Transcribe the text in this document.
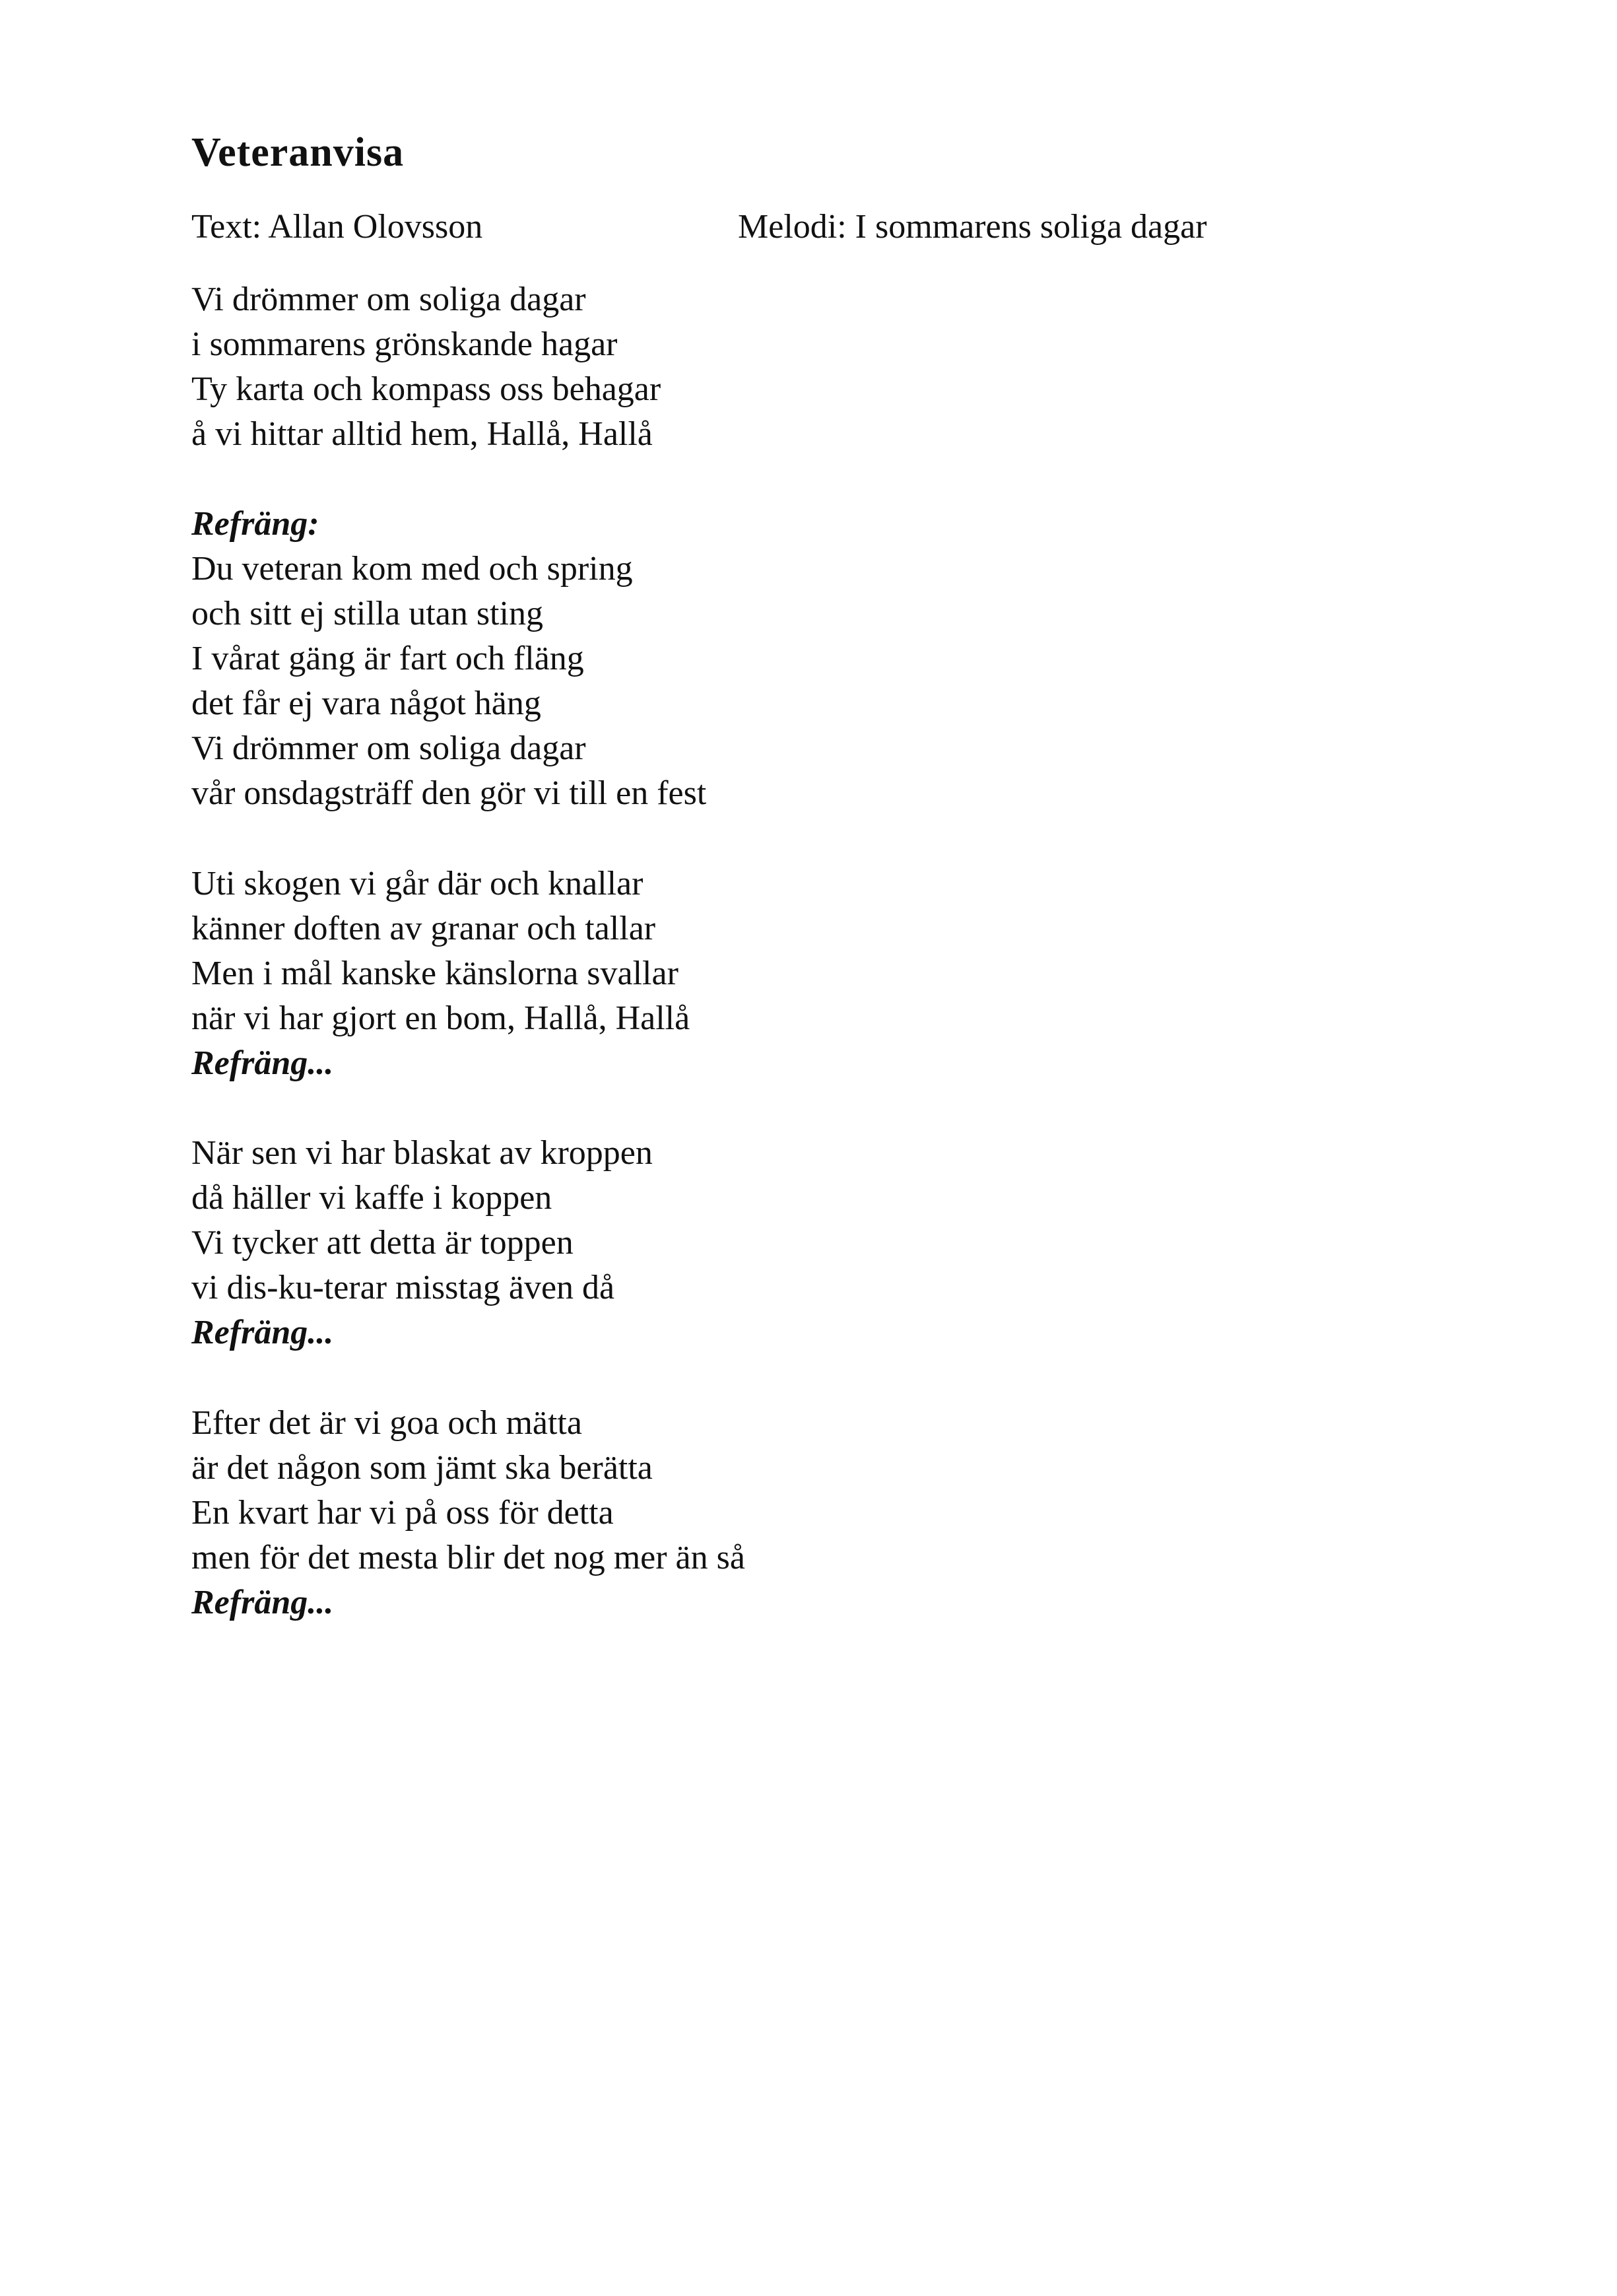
Veteranvisa
Text: Allan Olovsson	Melodi: I sommarens soliga dagar
Vi drömmer om soliga dagar
i sommarens grönskande hagar
Ty karta och kompass oss behagar
å vi hittar alltid hem, Hallå, Hallå
Refräng:
Du veteran kom med och spring
och sitt ej stilla utan sting
I vårat gäng är fart och fläng
det får ej vara något häng
Vi drömmer om soliga dagar
vår onsdagsträff den gör vi till en fest
Uti skogen vi går där och knallar
känner doften av granar och tallar
Men i mål kanske känslorna svallar
när vi har gjort en bom, Hallå, Hallå
Refräng...
När sen vi har blaskat av kroppen
då häller vi kaffe i koppen
Vi tycker att detta är toppen
vi dis-ku-terar misstag även då
Refräng...
Efter det är vi goa och mätta
är det någon som jämt ska berätta
En kvart har vi på oss för detta
men för det mesta blir det nog mer än så
Refräng...
